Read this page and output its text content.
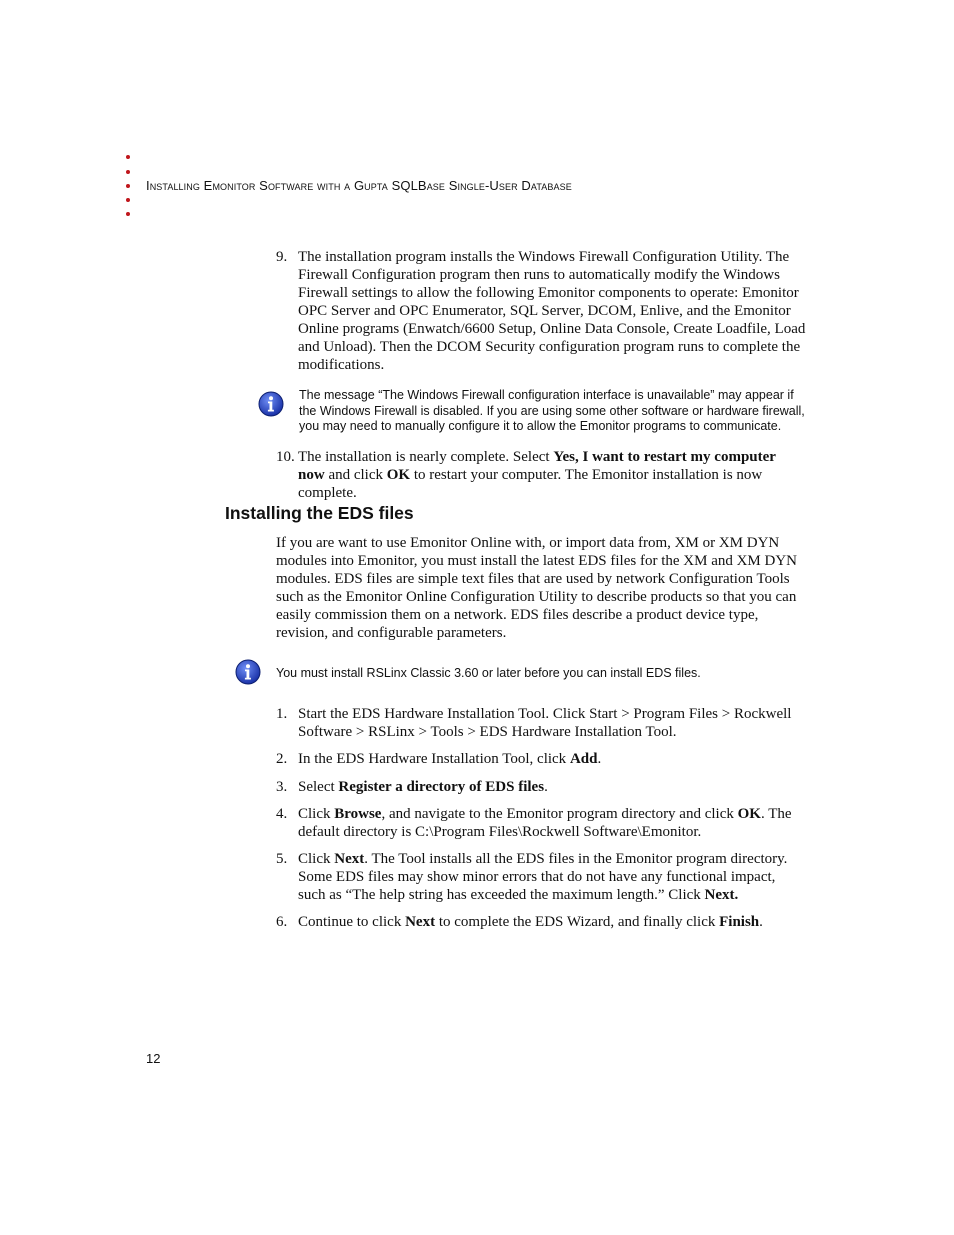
Installing Emonitor Software with a Gupta SQLBase Single-User Database
9. The installation program installs the Windows Firewall Configuration Utility. The Firewall Configuration program then runs to automatically modify the Windows Firewall settings to allow the following Emonitor components to operate: Emonitor OPC Server and OPC Enumerator, SQL Server, DCOM, Enlive, and the Emonitor Online programs (Enwatch/6600 Setup, Online Data Console, Create Loadfile, Load and Unload). Then the DCOM Security configuration program runs to complete the modifications.
The message “The Windows Firewall configuration interface is unavailable” may appear if the Windows Firewall is disabled. If you are using some other software or hardware firewall, you may need to manually configure it to allow the Emonitor programs to communicate.
10. The installation is nearly complete. Select Yes, I want to restart my computer now and click OK to restart your computer. The Emonitor installation is now complete.
Installing the EDS files

If you are want to use Emonitor Online with, or import data from, XM or XM DYN modules into Emonitor, you must install the latest EDS files for the XM and XM DYN modules. EDS files are simple text files that are used by network Configuration Tools such as the Emonitor Online Configuration Utility to describe products so that you can easily commission them on a network. EDS files describe a product device type, revision, and configurable parameters.

You must install RSLinx Classic 3.60 or later before you can install EDS files.
1. Start the EDS Hardware Installation Tool. Click Start > Program Files > Rockwell Software > RSLinx > Tools > EDS Hardware Installation Tool.
2. In the EDS Hardware Installation Tool, click Add.
3. Select Register a directory of EDS files.
4. Click Browse, and navigate to the Emonitor program directory and click OK. The default directory is C:\Program Files\Rockwell Software\Emonitor.
5. Click Next. The Tool installs all the EDS files in the Emonitor program directory. Some EDS files may show minor errors that do not have any functional impact, such as “The help string has exceeded the maximum length.” Click Next.
6. Continue to click Next to complete the EDS Wizard, and finally click Finish.
12
